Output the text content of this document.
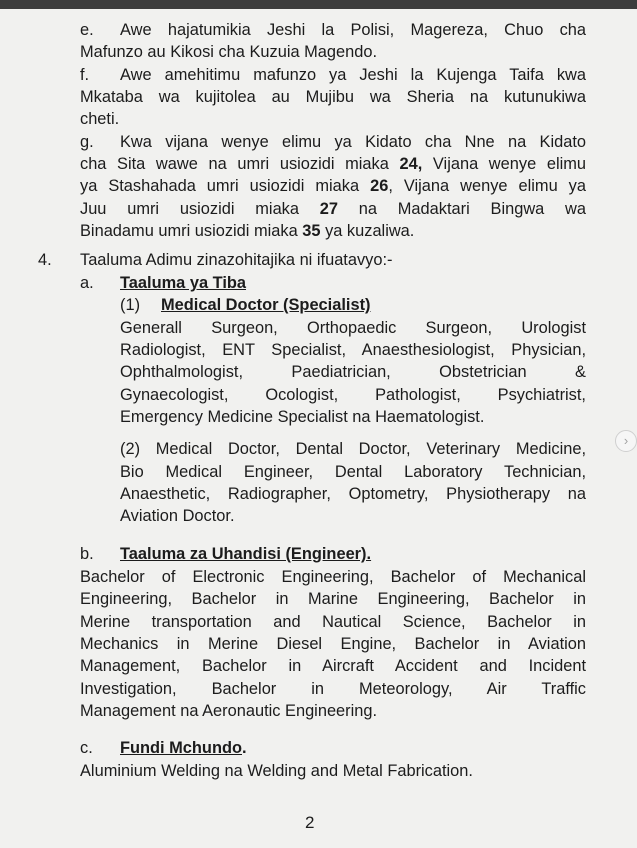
e. Awe hajatumikia Jeshi la Polisi, Magereza, Chuo cha
Mafunzo au Kikosi cha Kuzuia Magendo.
f. Awe amehitimu mafunzo ya Jeshi la Kujenga Taifa kwa
Mkataba wa kujitolea au Mujibu wa Sheria na kutunukiwa
cheti.
g. Kwa vijana wenye elimu ya Kidato cha Nne na Kidato
cha Sita wawe na umri usiozidi miaka 24, Vijana wenye elimu
ya Stashahada umri usiozidi miaka 26, Vijana wenye elimu ya
Juu umri usiozidi miaka 27 na Madaktari Bingwa wa
Binadamu umri usiozidi miaka 35 ya kuzaliwa.
4. Taaluma Adimu zinazohitajika ni ifuatavyo:-
a. Taaluma ya Tiba
(1) Medical Doctor (Specialist)
Generall Surgeon, Orthopaedic Surgeon, Urologist
Radiologist, ENT Specialist, Anaesthesiologist, Physician,
Ophthalmologist, Paediatrician, Obstetrician &
Gynaecologist, Ocologist, Pathologist, Psychiatrist,
Emergency Medicine Specialist na Haematologist.
(2) Medical Doctor, Dental Doctor, Veterinary Medicine,
Bio Medical Engineer, Dental Laboratory Technician,
Anaesthetic, Radiographer, Optometry, Physiotherapy na
Aviation Doctor.
b. Taaluma za Uhandisi (Engineer).
Bachelor of Electronic Engineering, Bachelor of Mechanical
Engineering, Bachelor in Marine Engineering, Bachelor in
Merine transportation and Nautical Science, Bachelor in
Mechanics in Merine Diesel Engine, Bachelor in Aviation
Management, Bachelor in Aircraft Accident and Incident
Investigation, Bachelor in Meteorology, Air Traffic
Management na Aeronautic Engineering.
c. Fundi Mchundo.
Aluminium Welding na Welding and Metal Fabrication.
2
›
